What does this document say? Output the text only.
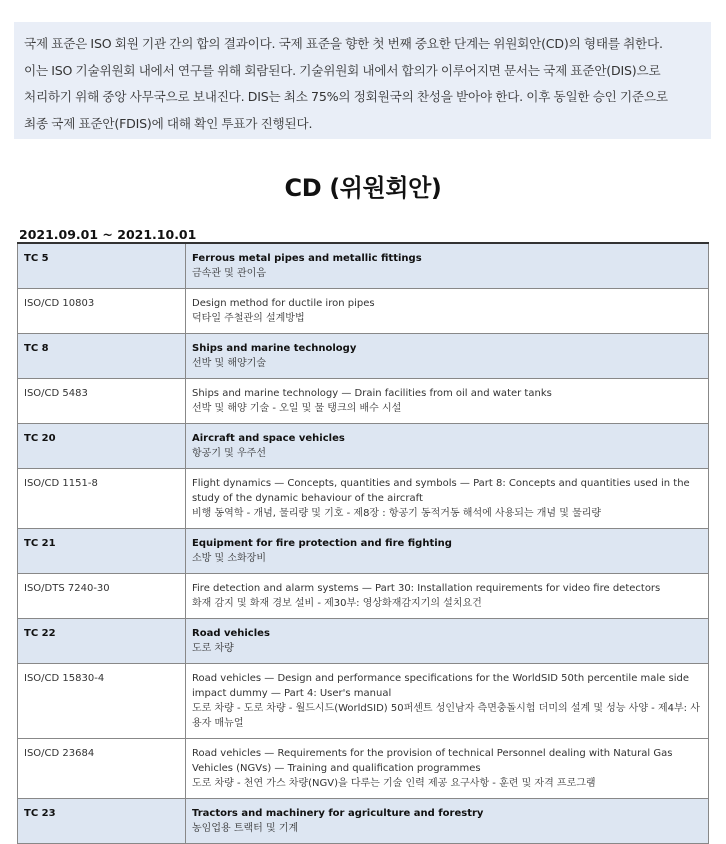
국제 표준은 ISO 회원 기관 간의 합의 결과이다. 국제 표준을 향한 첫 번째 중요한 단계는 위원회안(CD)의 형태를 취한다.
이는 ISO 기술위원회 내에서 연구를 위해 회람된다. 기술위원회 내에서 합의가 이루어지면 문서는 국제 표준안(DIS)으로
처리하기 위해 중앙 사무국으로 보내진다. DIS는 최소 75%의 정회원국의 찬성을 받아야 한다. 이후 동일한 승인 기준으로
최종 국제 표준안(FDIS)에 대해 확인 투표가 진행된다.
CD (위원회안)
2021.09.01 ~ 2021.10.01
TC 5	Ferrous metal pipes and metallic fittings
금속관 및 관이음

ISO/CD 10803	Design method for ductile iron pipes
덕타일 주철관의 설계방법

TC 8	Ships and marine technology
선박 및 해양기술

ISO/CD 5483	Ships and marine technology — Drain facilities from oil and water tanks
선박 및 해양 기술 - 오일 및 물 탱크의 배수 시설

TC 20	Aircraft and space vehicles
항공기 및 우주선

ISO/CD 1151-8	Flight dynamics — Concepts, quantities and symbols — Part 8: Concepts and quantities used in the study of the dynamic behaviour of the aircraft
비행 동역학 - 개념, 물리량 및 기호 - 제8장 : 항공기 동적거동 해석에 사용되는 개념 및 물리량

TC 21	Equipment for fire protection and fire fighting
소방 및 소화장비

ISO/DTS 7240-30	Fire detection and alarm systems — Part 30: Installation requirements for video fire detectors
화재 감지 및 화재 경보 설비 - 제30부: 영상화재감지기의 설치요건

TC 22	Road vehicles
도로 차량

ISO/CD 15830-4	Road vehicles — Design and performance specifications for the WorldSID 50th percentile male side impact dummy — Part 4: User's manual
도로 차량 - 도로 차량 - 월드시드(WorldSID) 50퍼센트 성인남자 측면충돌시험 더미의 설계 및 성능 사양 - 제4부: 사용자 매뉴얼

ISO/CD 23684	Road vehicles — Requirements for the provision of technical Personnel dealing with Natural Gas Vehicles (NGVs) — Training and qualification programmes
도로 차량 - 천연 가스 차량(NGV)을 다루는 기술 인력 제공 요구사항 - 훈련 및 자격 프로그램

TC 23	Tractors and machinery for agriculture and forestry
농임업용 트랙터 및 기계
